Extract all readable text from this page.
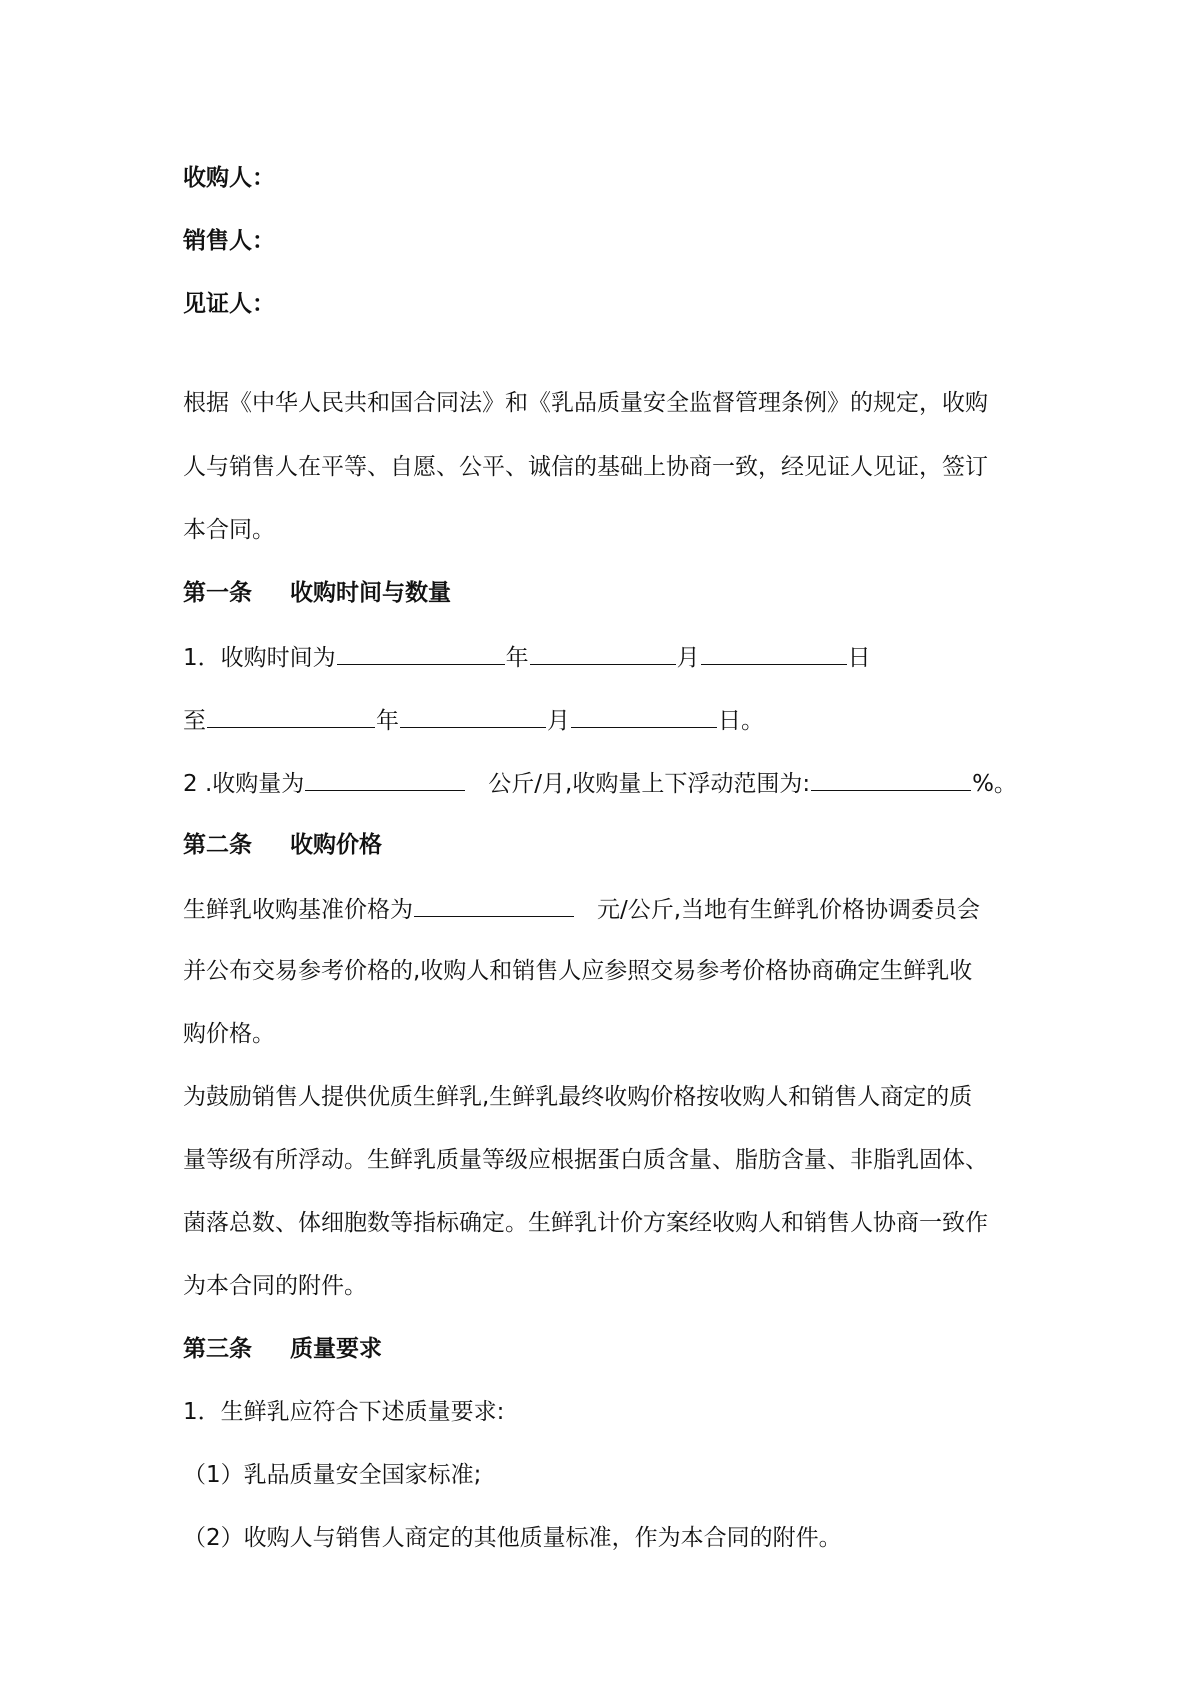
收购人：
销售人：
见证人：
根据《中华人民共和国合同法》和《乳品质量安全监督管理条例》的规定，收购
人与销售人在平等、自愿、公平、诚信的基础上协商一致，经见证人见证，签订
本合同。
第一条 收购时间与数量
1．收购时间为	年	月	日
至	年	月	日。
2 .收购量为	公斤/月,收购量上下浮动范围为:	%。
第二条 收购价格
生鲜乳收购基准价格为	元/公斤,当地有生鲜乳价格协调委员会
并公布交易参考价格的,收购人和销售人应参照交易参考价格协商确定生鲜乳收
购价格。
为鼓励销售人提供优质生鲜乳,生鲜乳最终收购价格按收购人和销售人商定的质
量等级有所浮动。生鲜乳质量等级应根据蛋白质含量、脂肪含量、非脂乳固体、
菌落总数、体细胞数等指标确定。生鲜乳计价方案经收购人和销售人协商一致作
为本合同的附件。
第三条 质量要求
1．生鲜乳应符合下述质量要求:
（1）乳品质量安全国家标准;
（2）收购人与销售人商定的其他质量标准，作为本合同的附件。
